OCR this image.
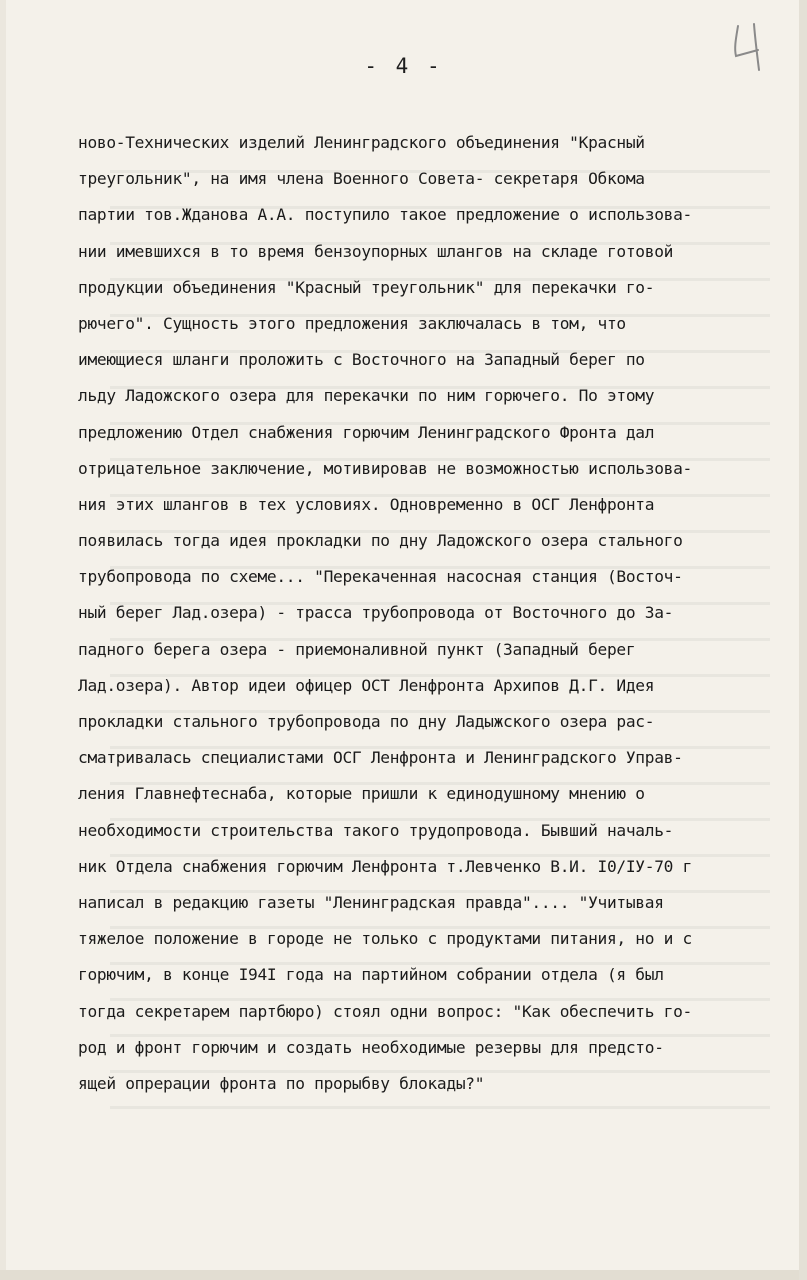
- 4 -
ново-Технических изделий Ленинградского объединения "Красный
треугольник", на имя члена Военного Совета- секретаря Обкома
партии тов.Жданова А.А. поступило такое предложение о использова-
нии имевшихся в то время бензоупорных шлангов на складе готовой
продукции объединения "Красный треугольник" для перекачки го-
рючего". Сущность этого предложения заключалась в том, что
имеющиеся шланги проложить с Восточного на Западный берег по
льду Ладожского озера для перекачки по ним горючего. По этому
предложению Отдел снабжения горючим Ленинградского Фронта дал
отрицательное заключение, мотивировав не возможностью использова-
ния этих шлангов в тех условиях. Одновременно в ОСГ Ленфронта
появилась тогда идея прокладки по дну Ладожского озера стального
трубопровода по схеме... "Перекаченная насосная станция (Восточ-
ный берег Лад.озера) - трасса трубопровода от Восточного до За-
падного берега озера - приемоналивной пункт (Западный берег
Лад.озера). Автор идеи офицер ОСТ Ленфронта Архипов Д.Г. Идея
прокладки стального трубопровода по дну Ладыжского озера рас-
сматривалась специалистами ОСГ Ленфронта и Ленинградского Управ-
ления Главнефтеснаба, которые пришли к единодушному мнению о
необходимости строительства такого трудопровода. Бывший началь-
ник Отдела снабжения горючим Ленфронта т.Левченко В.И. I0/IУ-70 г
написал в редакцию газеты "Ленинградская правда".... "Учитывая
тяжелое положение в городе не только с продуктами питания, но и с
горючим, в конце I94I года на партийном собрании отдела (я был
тогда секретарем партбюро) стоял одни вопрос: "Как обеспечить го-
род и фронт горючим и создать необходимые резервы для предсто-
ящей опрерации фронта по прорыбву блокады?"
